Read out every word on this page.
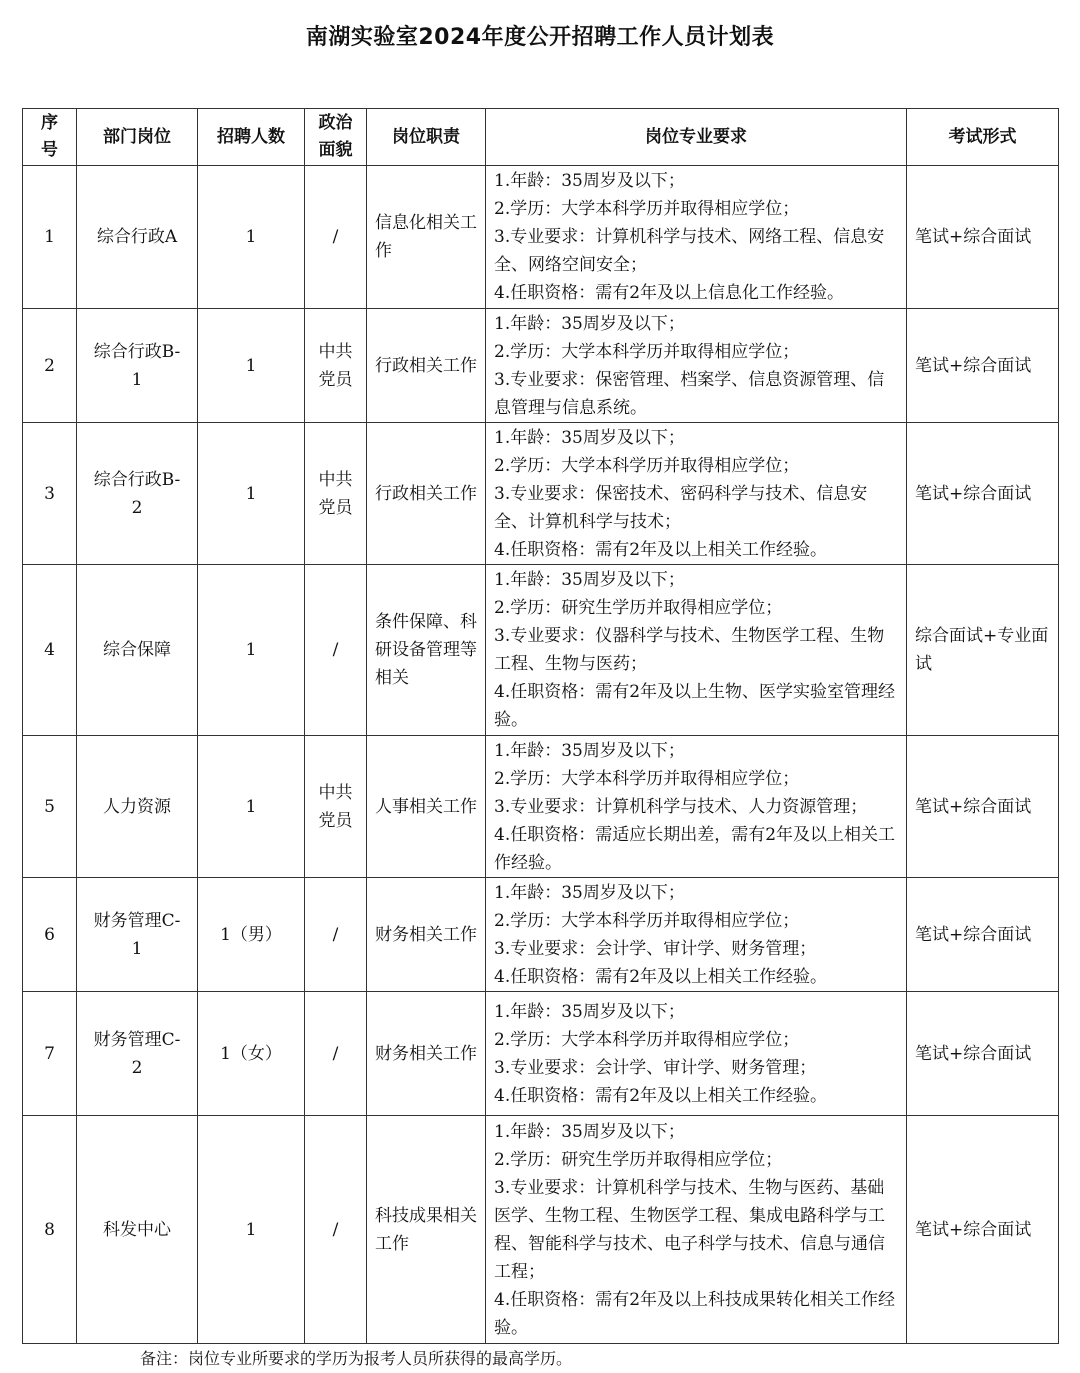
南湖实验室2024年度公开招聘工作人员计划表
序号	部门岗位	招聘人数	政治面貌	岗位职责	岗位专业要求	考试形式
1	综合行政A	1	/	信息化相关工作	1.年龄：35周岁及以下；
2.学历：大学本科学历并取得相应学位；
3.专业要求：计算机科学与技术、网络工程、信息安全、网络空间安全；
4.任职资格：需有2年及以上信息化工作经验。	笔试+综合面试
2	综合行政B-1	1	中共党员	行政相关工作	1.年龄：35周岁及以下；
2.学历：大学本科学历并取得相应学位；
3.专业要求：保密管理、档案学、信息资源管理、信息管理与信息系统。	笔试+综合面试
3	综合行政B-2	1	中共党员	行政相关工作	1.年龄：35周岁及以下；
2.学历：大学本科学历并取得相应学位；
3.专业要求：保密技术、密码科学与技术、信息安全、计算机科学与技术；
4.任职资格：需有2年及以上相关工作经验。	笔试+综合面试
4	综合保障	1	/	条件保障、科研设备管理等相关	1.年龄：35周岁及以下；
2.学历：研究生学历并取得相应学位；
3.专业要求：仪器科学与技术、生物医学工程、生物工程、生物与医药；
4.任职资格：需有2年及以上生物、医学实验室管理经验。	综合面试+专业面试
5	人力资源	1	中共党员	人事相关工作	1.年龄：35周岁及以下；
2.学历：大学本科学历并取得相应学位；
3.专业要求：计算机科学与技术、人力资源管理；
4.任职资格：需适应长期出差，需有2年及以上相关工作经验。	笔试+综合面试
6	财务管理C-1	1（男）	/	财务相关工作	1.年龄：35周岁及以下；
2.学历：大学本科学历并取得相应学位；
3.专业要求：会计学、审计学、财务管理；
4.任职资格：需有2年及以上相关工作经验。	笔试+综合面试
7	财务管理C-2	1（女）	/	财务相关工作	1.年龄：35周岁及以下；
2.学历：大学本科学历并取得相应学位；
3.专业要求：会计学、审计学、财务管理；
4.任职资格：需有2年及以上相关工作经验。	笔试+综合面试
8	科发中心	1	/	科技成果相关工作	1.年龄：35周岁及以下；
2.学历：研究生学历并取得相应学位；
3.专业要求：计算机科学与技术、生物与医药、基础医学、生物工程、生物医学工程、集成电路科学与工程、智能科学与技术、电子科学与技术、信息与通信工程；
4.任职资格：需有2年及以上科技成果转化相关工作经验。	笔试+综合面试
备注：岗位专业所要求的学历为报考人员所获得的最高学历。
